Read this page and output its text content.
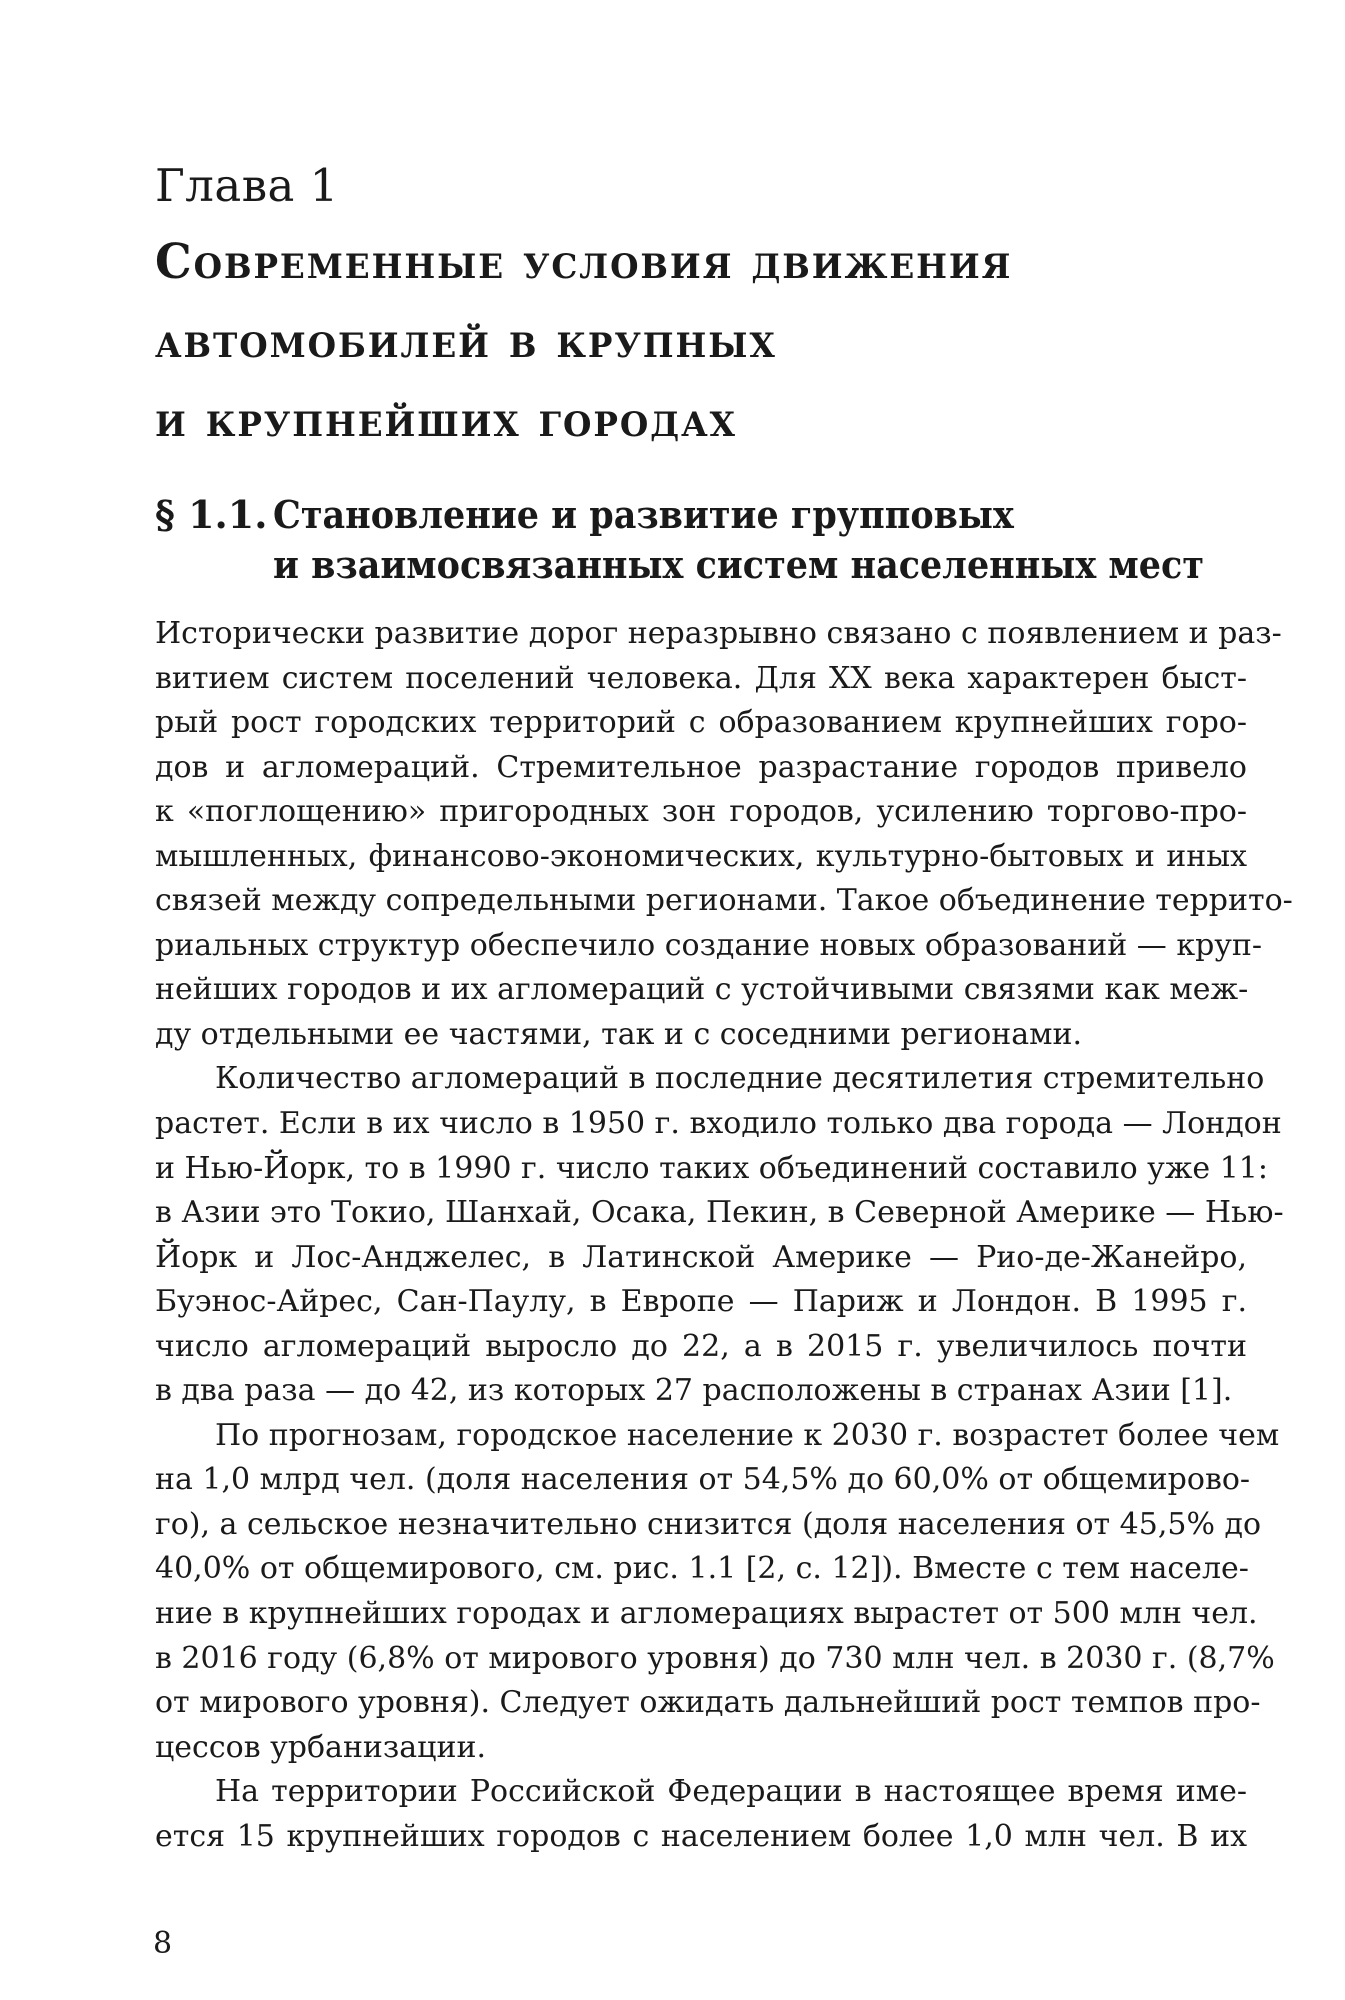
Глава 1
Современные условия движения
автомобилей в крупных
и крупнейших городах
§ 1.1. Становление и развитие групповых
и взаимосвязанных систем населенных мест
Исторически развитие дорог неразрывно связано с появлением и раз-
витием систем поселений человека. Для XX века характерен быст-
рый рост городских территорий с образованием крупнейших горо-
дов и агломераций. Стремительное разрастание городов привело
к «поглощению» пригородных зон городов, усилению торгово-про-
мышленных, финансово-экономических, культурно-бытовых и иных
связей между сопредельными регионами. Такое объединение террито-
риальных структур обеспечило создание новых образований — круп-
нейших городов и их агломераций с устойчивыми связями как меж-
ду отдельными ее частями, так и с соседними регионами.
Количество агломераций в последние десятилетия стремительно
растет. Если в их число в 1950 г. входило только два города — Лондон
и Нью-Йорк, то в 1990 г. число таких объединений составило уже 11:
в Азии это Токио, Шанхай, Осака, Пекин, в Северной Америке — Нью-
Йорк и Лос-Анджелес, в Латинской Америке — Рио-де-Жанейро,
Буэнос-Айрес, Сан-Паулу, в Европе — Париж и Лондон. В 1995 г.
число агломераций выросло до 22, а в 2015 г. увеличилось почти
в два раза — до 42, из которых 27 расположены в странах Азии [1].
По прогнозам, городское население к 2030 г. возрастет более чем
на 1,0 млрд чел. (доля населения от 54,5% до 60,0% от общемирово-
го), а сельское незначительно снизится (доля населения от 45,5% до
40,0% от общемирового, см. рис. 1.1 [2, с. 12]). Вместе с тем населе-
ние в крупнейших городах и агломерациях вырастет от 500 млн чел.
в 2016 году (6,8% от мирового уровня) до 730 млн чел. в 2030 г. (8,7%
от мирового уровня). Следует ожидать дальнейший рост темпов про-
цессов урбанизации.
На территории Российской Федерации в настоящее время име-
ется 15 крупнейших городов с населением более 1,0 млн чел. В их
8
